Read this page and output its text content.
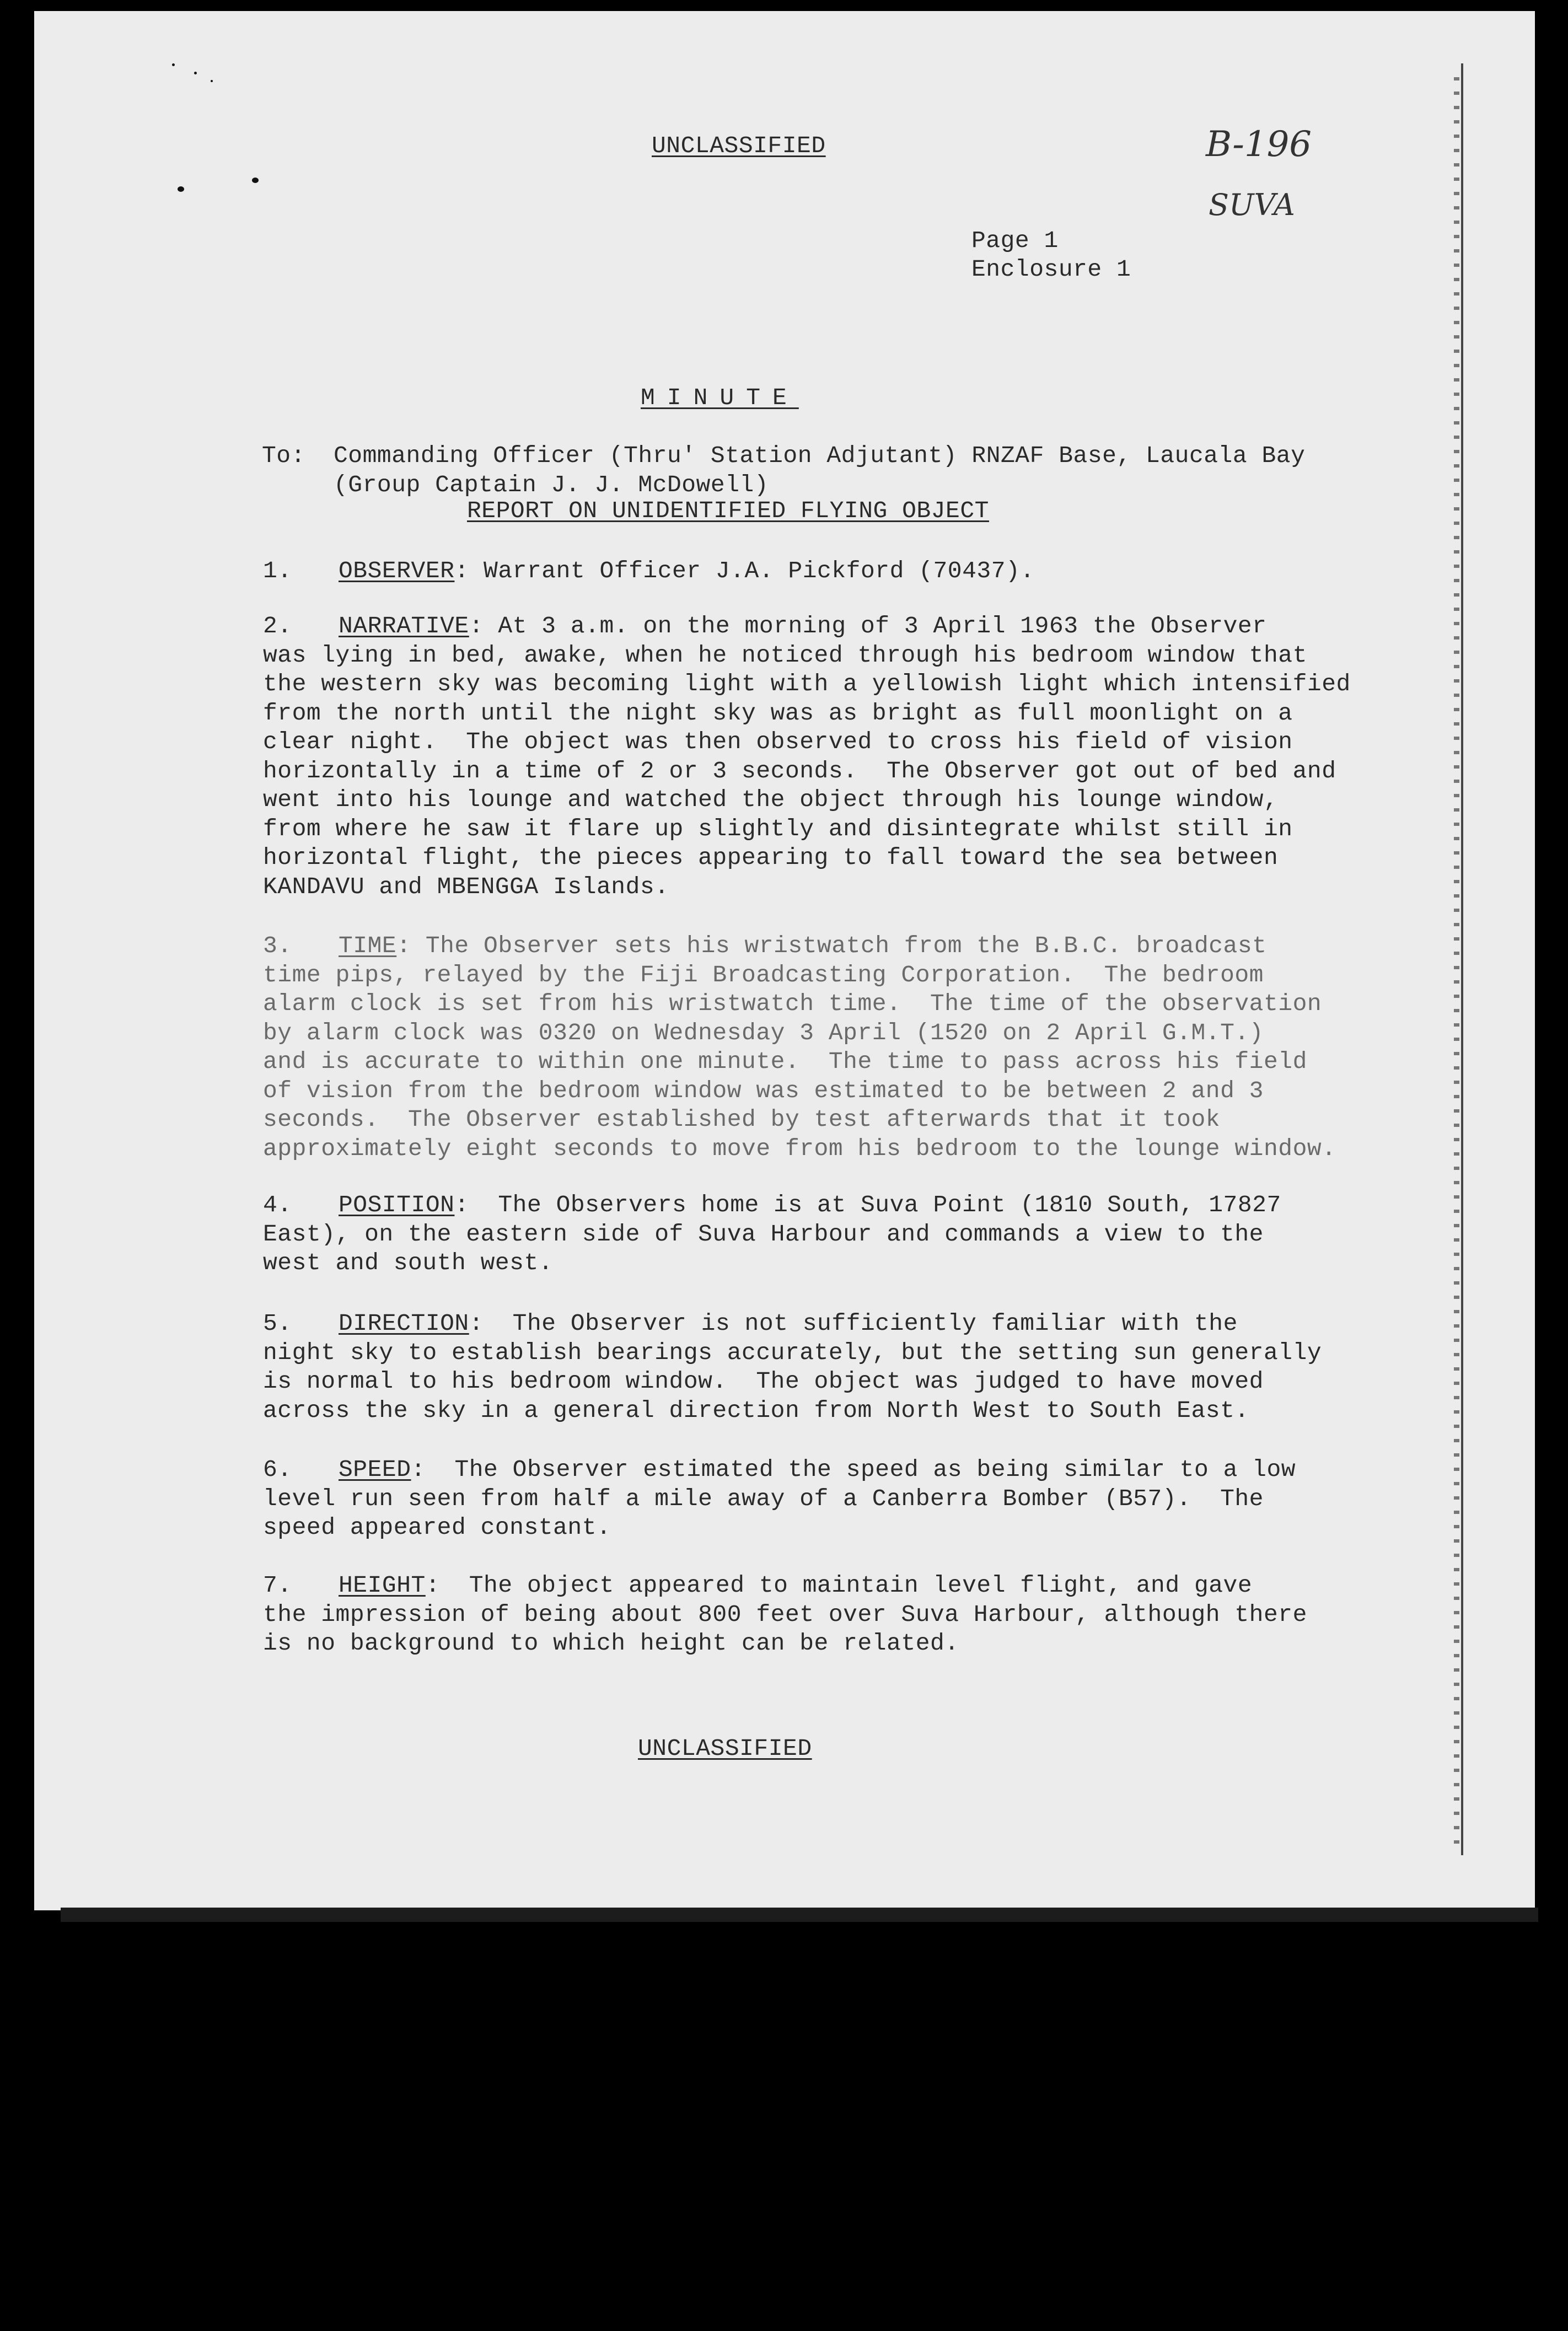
UNCLASSIFIED	B-196
SUVA
Page 1
Enclosure 1
MINUTE
To: Commanding Officer (Thru' Station Adjutant) RNZAF Base, Laucala Bay
(Group Captain J. J. McDowell)
REPORT ON UNIDENTIFIED FLYING OBJECT
1. OBSERVER: Warrant Officer J.A. Pickford (70437).
2. NARRATIVE: At 3 a.m. on the morning of 3 April 1963 the Observer
was lying in bed, awake, when he noticed through his bedroom window that
the western sky was becoming light with a yellowish light which intensified
from the north until the night sky was as bright as full moonlight on a
clear night.  The object was then observed to cross his field of vision
horizontally in a time of 2 or 3 seconds.  The Observer got out of bed and
went into his lounge and watched the object through his lounge window,
from where he saw it flare up slightly and disintegrate whilst still in
horizontal flight, the pieces appearing to fall toward the sea between
KANDAVU and MBENGGA Islands.
3. TIME: The Observer sets his wristwatch from the B.B.C. broadcast
time pips, relayed by the Fiji Broadcasting Corporation.  The bedroom
alarm clock is set from his wristwatch time.  The time of the observation
by alarm clock was 0320 on Wednesday 3 April (1520 on 2 April G.M.T.)
and is accurate to within one minute.  The time to pass across his field
of vision from the bedroom window was estimated to be between 2 and 3
seconds.  The Observer established by test afterwards that it took
approximately eight seconds to move from his bedroom to the lounge window.
4. POSITION:  The Observers home is at Suva Point (1810 South, 17827
East), on the eastern side of Suva Harbour and commands a view to the
west and south west.
5. DIRECTION:  The Observer is not sufficiently familiar with the
night sky to establish bearings accurately, but the setting sun generally
is normal to his bedroom window.  The object was judged to have moved
across the sky in a general direction from North West to South East.
6. SPEED:  The Observer estimated the speed as being similar to a low
level run seen from half a mile away of a Canberra Bomber (B57).  The
speed appeared constant.
7. HEIGHT:  The object appeared to maintain level flight, and gave
the impression of being about 800 feet over Suva Harbour, although there
is no background to which height can be related.
UNCLASSIFIED
